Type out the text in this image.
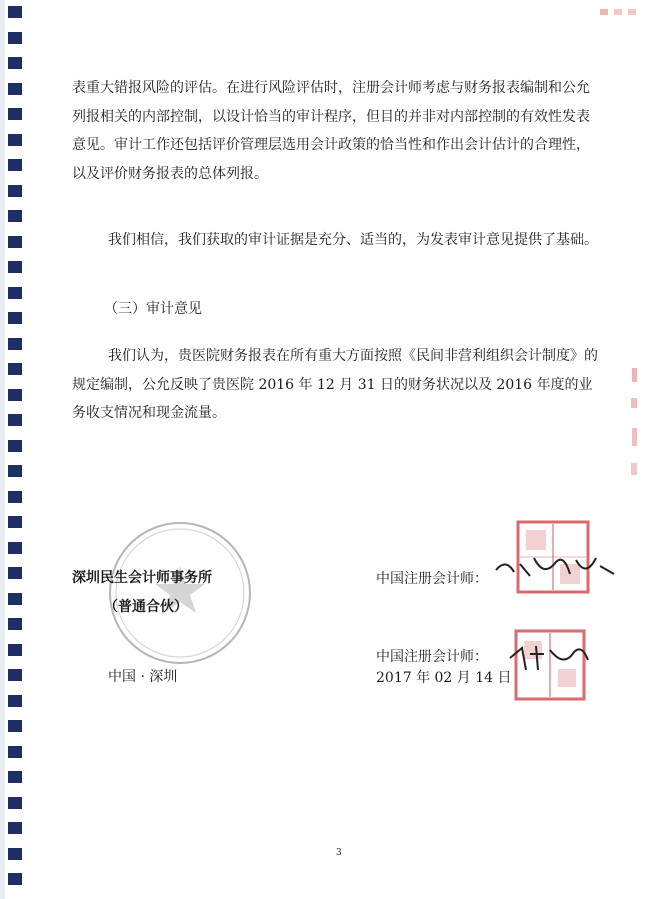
表重大错报风险的评估。在进行风险评估时，注册会计师考虑与财务报表编制和公允列报相关的内部控制，以设计恰当的审计程序，但目的并非对内部控制的有效性发表意见。审计工作还包括评价管理层选用会计政策的恰当性和作出会计估计的合理性，以及评价财务报表的总体列报。

我们相信，我们获取的审计证据是充分、适当的，为发表审计意见提供了基础。

（三）审计意见

我们认为，贵医院财务报表在所有重大方面按照《民间非营利组织会计制度》的规定编制，公允反映了贵医院 2016 年 12 月 31 日的财务状况以及 2016 年度的业务收支情况和现金流量。

深圳民生会计师事务所
（普通合伙）
中国 · 深圳
中国注册会计师：
中国注册会计师：
2017 年 02 月 14 日
3
